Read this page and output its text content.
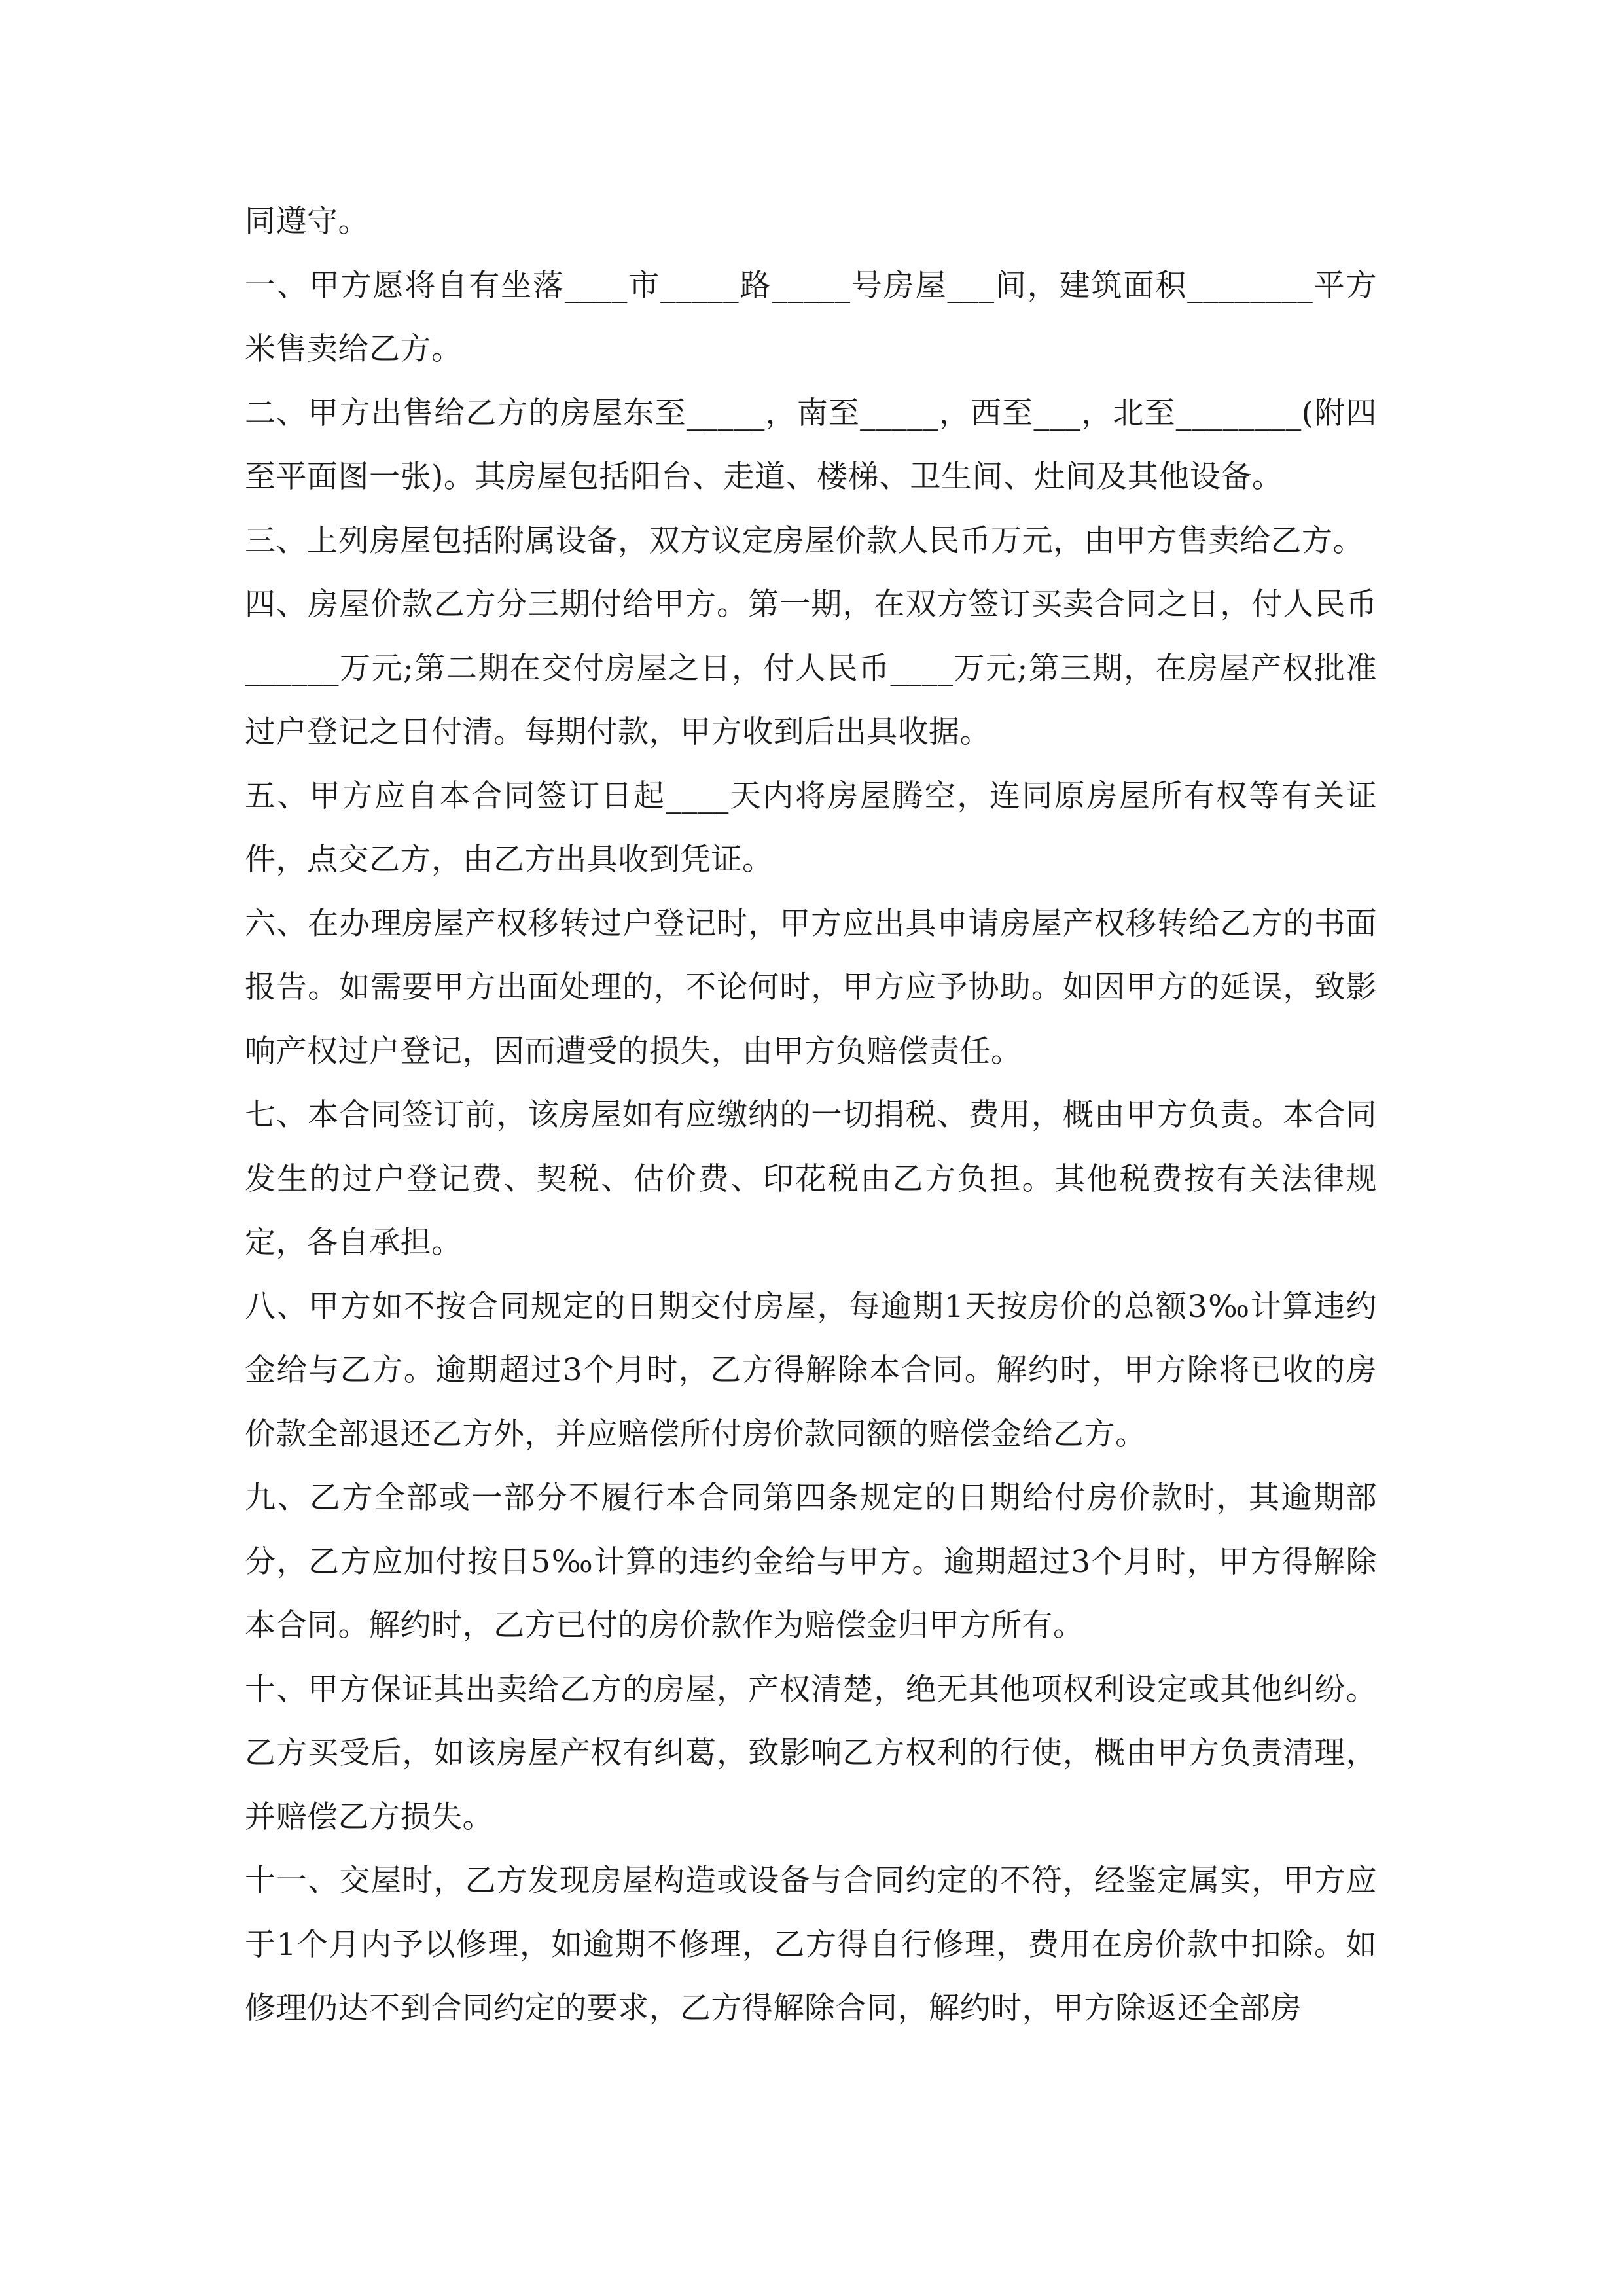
同遵守。

一、甲方愿将自有坐落____市_____路_____号房屋___间，建筑面积________平方米售卖给乙方。

二、甲方出售给乙方的房屋东至_____，南至_____，西至___，北至________(附四至平面图一张)。其房屋包括阳台、走道、楼梯、卫生间、灶间及其他设备。

三、上列房屋包括附属设备，双方议定房屋价款人民币万元，由甲方售卖给乙方。

四、房屋价款乙方分三期付给甲方。第一期，在双方签订买卖合同之日，付人民币______万元;第二期在交付房屋之日，付人民币____万元;第三期，在房屋产权批准过户登记之日付清。每期付款，甲方收到后出具收据。

五、甲方应自本合同签订日起____天内将房屋腾空，连同原房屋所有权等有关证件，点交乙方，由乙方出具收到凭证。

六、在办理房屋产权移转过户登记时，甲方应出具申请房屋产权移转给乙方的书面报告。如需要甲方出面处理的，不论何时，甲方应予协助。如因甲方的延误，致影响产权过户登记，因而遭受的损失，由甲方负赔偿责任。

七、本合同签订前，该房屋如有应缴纳的一切捐税、费用，概由甲方负责。本合同发生的过户登记费、契税、估价费、印花税由乙方负担。其他税费按有关法律规定，各自承担。

八、甲方如不按合同规定的日期交付房屋，每逾期1天按房价的总额3‰计算违约金给与乙方。逾期超过3个月时，乙方得解除本合同。解约时，甲方除将已收的房价款全部退还乙方外，并应赔偿所付房价款同额的赔偿金给乙方。

九、乙方全部或一部分不履行本合同第四条规定的日期给付房价款时，其逾期部分，乙方应加付按日5‰计算的违约金给与甲方。逾期超过3个月时，甲方得解除本合同。解约时，乙方已付的房价款作为赔偿金归甲方所有。

十、甲方保证其出卖给乙方的房屋，产权清楚，绝无其他项权利设定或其他纠纷。乙方买受后，如该房屋产权有纠葛，致影响乙方权利的行使，概由甲方负责清理，并赔偿乙方损失。

十一、交屋时，乙方发现房屋构造或设备与合同约定的不符，经鉴定属实，甲方应于1个月内予以修理，如逾期不修理，乙方得自行修理，费用在房价款中扣除。如修理仍达不到合同约定的要求，乙方得解除合同，解约时，甲方除返还全部房
